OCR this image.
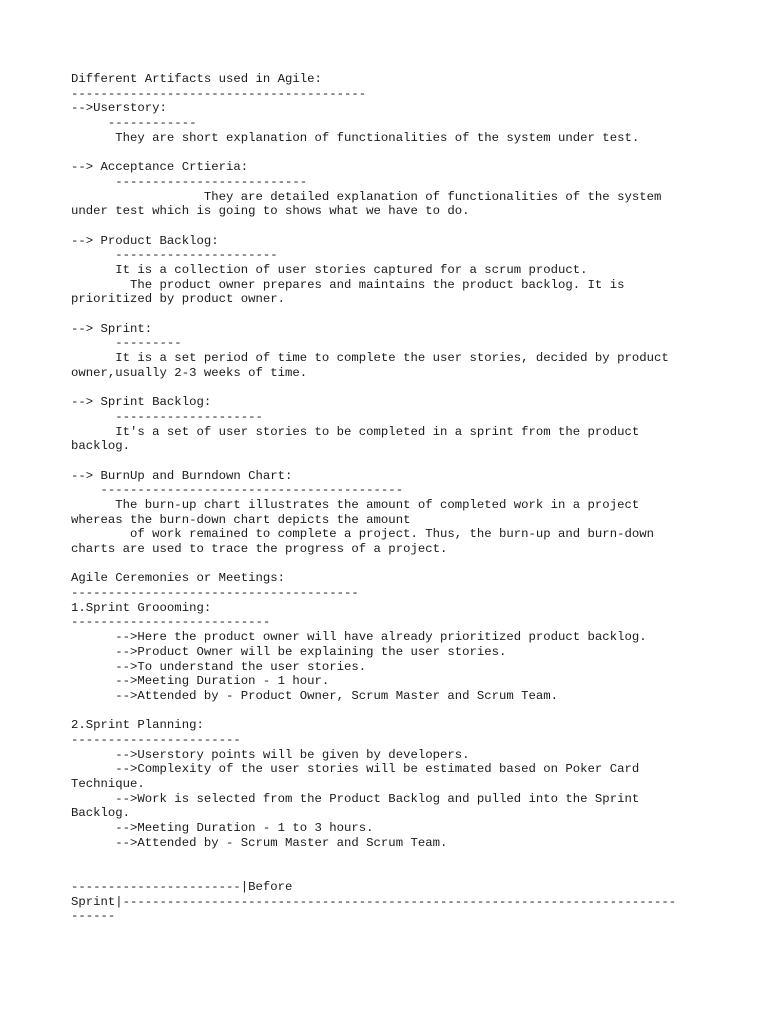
Different Artifacts used in Agile:
----------------------------------------
-->Userstory:
------------
They are short explanation of functionalities of the system under test.
--> Acceptance Crtieria:
--------------------------
They are detailed explanation of functionalities of the system
under test which is going to shows what we have to do.
--> Product Backlog:
----------------------
It is a collection of user stories captured for a scrum product.
The product owner prepares and maintains the product backlog. It is
prioritized by product owner.
--> Sprint:
---------
It is a set period of time to complete the user stories, decided by product
owner,usually 2-3 weeks of time.
--> Sprint Backlog:
--------------------
It's a set of user stories to be completed in a sprint from the product
backlog.
--> BurnUp and Burndown Chart:
-----------------------------------------
The burn-up chart illustrates the amount of completed work in a project
whereas the burn-down chart depicts the amount
of work remained to complete a project. Thus, the burn-up and burn-down
charts are used to trace the progress of a project.
Agile Ceremonies or Meetings:
---------------------------------------
1.Sprint Groooming:
---------------------------
-->Here the product owner will have already prioritized product backlog.
-->Product Owner will be explaining the user stories.
-->To understand the user stories.
-->Meeting Duration - 1 hour.
-->Attended by - Product Owner, Scrum Master and Scrum Team.
2.Sprint Planning:
-----------------------
-->Userstory points will be given by developers.
-->Complexity of the user stories will be estimated based on Poker Card
Technique.
-->Work is selected from the Product Backlog and pulled into the Sprint
Backlog.
-->Meeting Duration - 1 to 3 hours.
-->Attended by - Scrum Master and Scrum Team.
-----------------------|Before
Sprint|---------------------------------------------------------------------------
------
